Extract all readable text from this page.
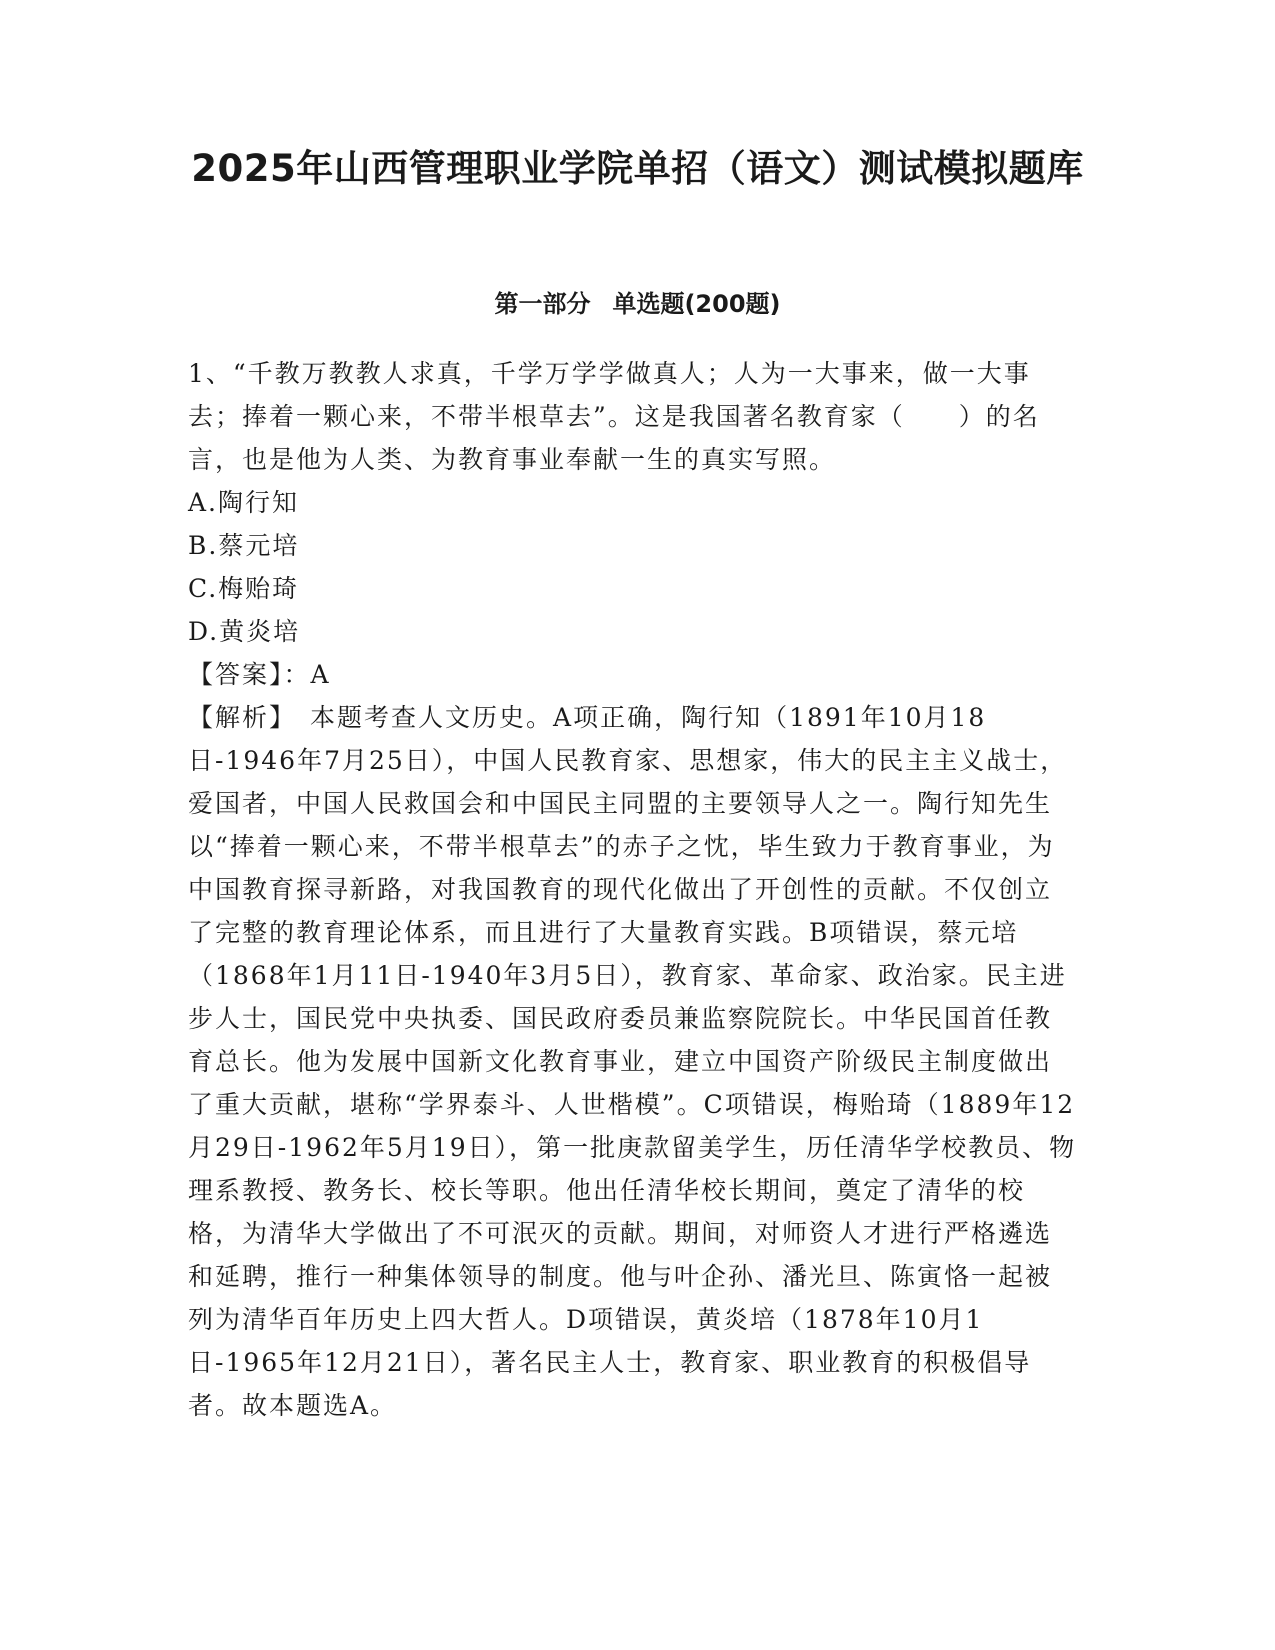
2025年山西管理职业学院单招（语文）测试模拟题库
第一部分 单选题(200题)

1、“千教万教教人求真，千学万学学做真人；人为一大事来，做一大事去；捧着一颗心来，不带半根草去”。这是我国著名教育家（　　）的名言，也是他为人类、为教育事业奉献一生的真实写照。

A.陶行知

B.蔡元培

C.梅贻琦

D.黄炎培

【答案】：A

【解析】 本题考查人文历史。A项正确，陶行知（1891年10月18日-1946年7月25日），中国人民教育家、思想家，伟大的民主主义战士，爱国者，中国人民救国会和中国民主同盟的主要领导人之一。陶行知先生以“捧着一颗心来，不带半根草去”的赤子之忱，毕生致力于教育事业，为中国教育探寻新路，对我国教育的现代化做出了开创性的贡献。不仅创立了完整的教育理论体系，而且进行了大量教育实践。B项错误，蔡元培（1868年1月11日-1940年3月5日），教育家、革命家、政治家。民主进步人士，国民党中央执委、国民政府委员兼监察院院长。中华民国首任教育总长。他为发展中国新文化教育事业，建立中国资产阶级民主制度做出了重大贡献，堪称“学界泰斗、人世楷模”。C项错误，梅贻琦（1889年12月29日-1962年5月19日），第一批庚款留美学生，历任清华学校教员、物理系教授、教务长、校长等职。他出任清华校长期间，奠定了清华的校格，为清华大学做出了不可泯灭的贡献。期间，对师资人才进行严格遴选和延聘，推行一种集体领导的制度。他与叶企孙、潘光旦、陈寅恪一起被列为清华百年历史上四大哲人。D项错误，黄炎培（1878年10月1日-1965年12月21日），著名民主人士，教育家、职业教育的积极倡导者。故本题选A。
